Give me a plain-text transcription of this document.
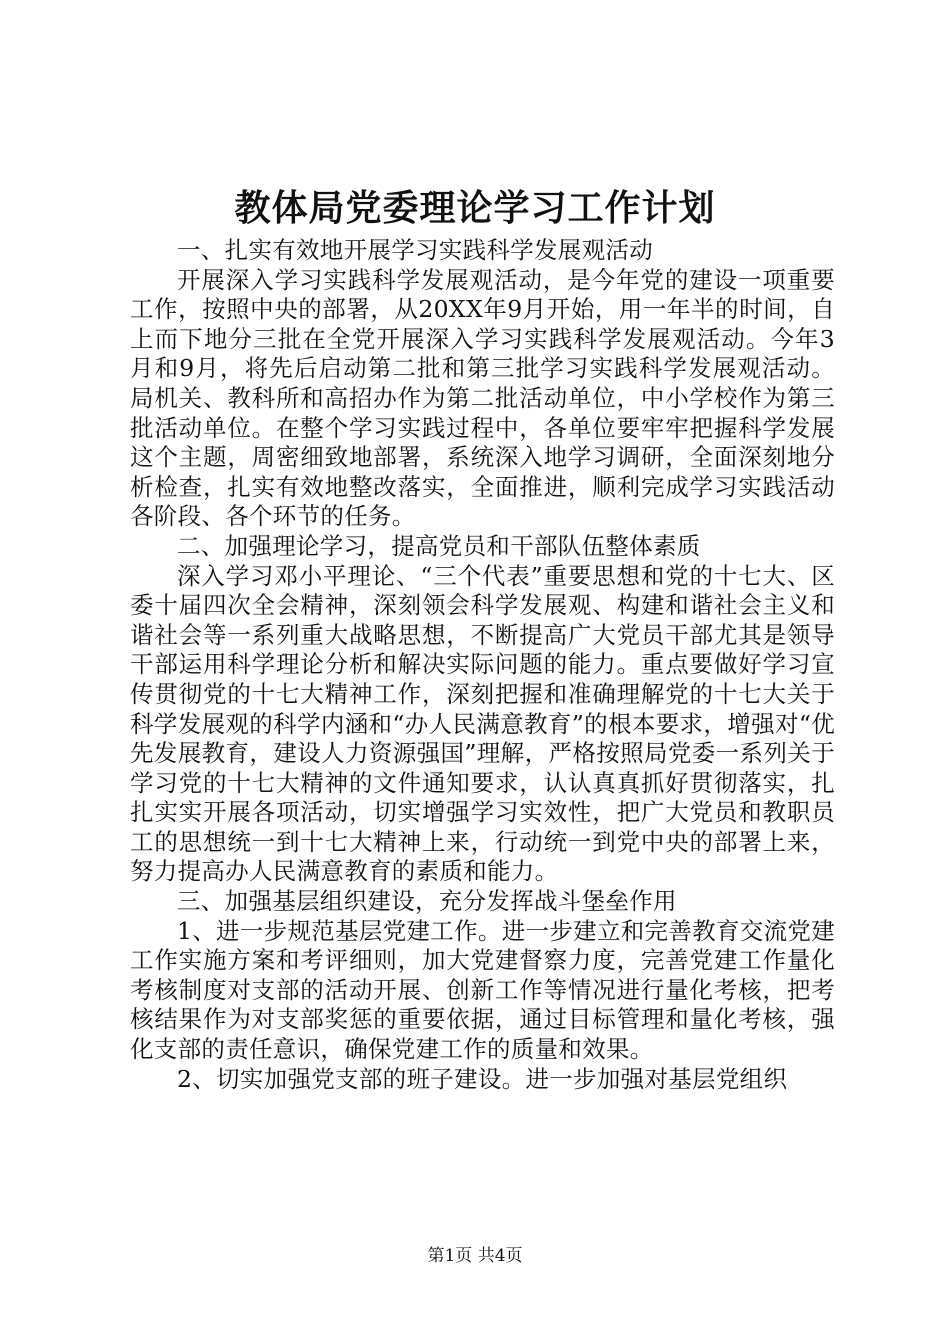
教体局党委理论学习工作计划

一、扎实有效地开展学习实践科学发展观活动

开展深入学习实践科学发展观活动，是今年党的建设一项重要工作，按照中央的部署，从20XX年9月开始，用一年半的时间，自上而下地分三批在全党开展深入学习实践科学发展观活动。今年3月和9月，将先后启动第二批和第三批学习实践科学发展观活动。局机关、教科所和高招办作为第二批活动单位，中小学校作为第三批活动单位。在整个学习实践过程中，各单位要牢牢把握科学发展这个主题，周密细致地部署，系统深入地学习调研，全面深刻地分析检查，扎实有效地整改落实，全面推进，顺利完成学习实践活动各阶段、各个环节的任务。

二、加强理论学习，提高党员和干部队伍整体素质

深入学习邓小平理论、“三个代表”重要思想和党的十七大、区委十届四次全会精神，深刻领会科学发展观、构建和谐社会主义和谐社会等一系列重大战略思想，不断提高广大党员干部尤其是领导干部运用科学理论分析和解决实际问题的能力。重点要做好学习宣传贯彻党的十七大精神工作，深刻把握和准确理解党的十七大关于科学发展观的科学内涵和“办人民满意教育”的根本要求，增强对“优先发展教育，建设人力资源强国”理解，严格按照局党委一系列关于学习党的十七大精神的文件通知要求，认认真真抓好贯彻落实，扎扎实实开展各项活动，切实增强学习实效性，把广大党员和教职员工的思想统一到十七大精神上来，行动统一到党中央的部署上来，努力提高办人民满意教育的素质和能力。

三、加强基层组织建设，充分发挥战斗堡垒作用

1、进一步规范基层党建工作。进一步建立和完善教育交流党建工作实施方案和考评细则，加大党建督察力度，完善党建工作量化考核制度对支部的活动开展、创新工作等情况进行量化考核，把考核结果作为对支部奖惩的重要依据，通过目标管理和量化考核，强化支部的责任意识，确保党建工作的质量和效果。

2、切实加强党支部的班子建设。进一步加强对基层党组织

第1页 共4页
